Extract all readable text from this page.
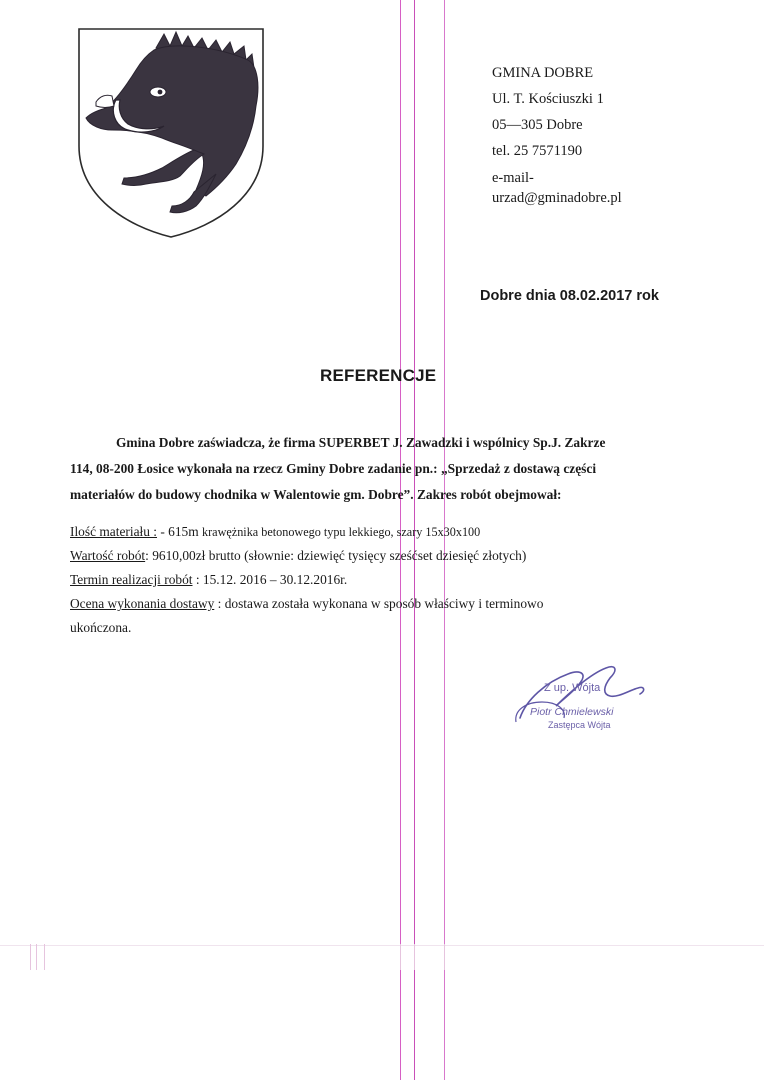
GMINA DOBRE
Ul. T. Kościuszki 1
05—305 Dobre
tel. 25 7571190
e-mail-
urzad@gminadobre.pl
Dobre dnia 08.02.2017 rok
REFERENCJE
Gmina Dobre zaświadcza, że firma SUPERBET J. Zawadzki i wspólnicy Sp.J. Zakrze
114, 08-200 Łosice wykonała na rzecz Gminy Dobre zadanie pn.: „Sprzedaż z dostawą części
materiałów do budowy chodnika w Walentowie gm. Dobre”. Zakres robót obejmował:
Ilość materiału : - 615m krawężnika betonowego typu lekkiego, szary 15x30x100
Wartość robót: 9610,00zł brutto (słownie: dziewięć tysięcy sześćset dziesięć złotych)
Termin realizacji robót : 15.12. 2016 – 30.12.2016r.
Ocena wykonania dostawy : dostawa została wykonana w sposób właściwy i terminowo
ukończona.
Z up. Wójta
Piotr Chmielewski
Zastępca Wójta
